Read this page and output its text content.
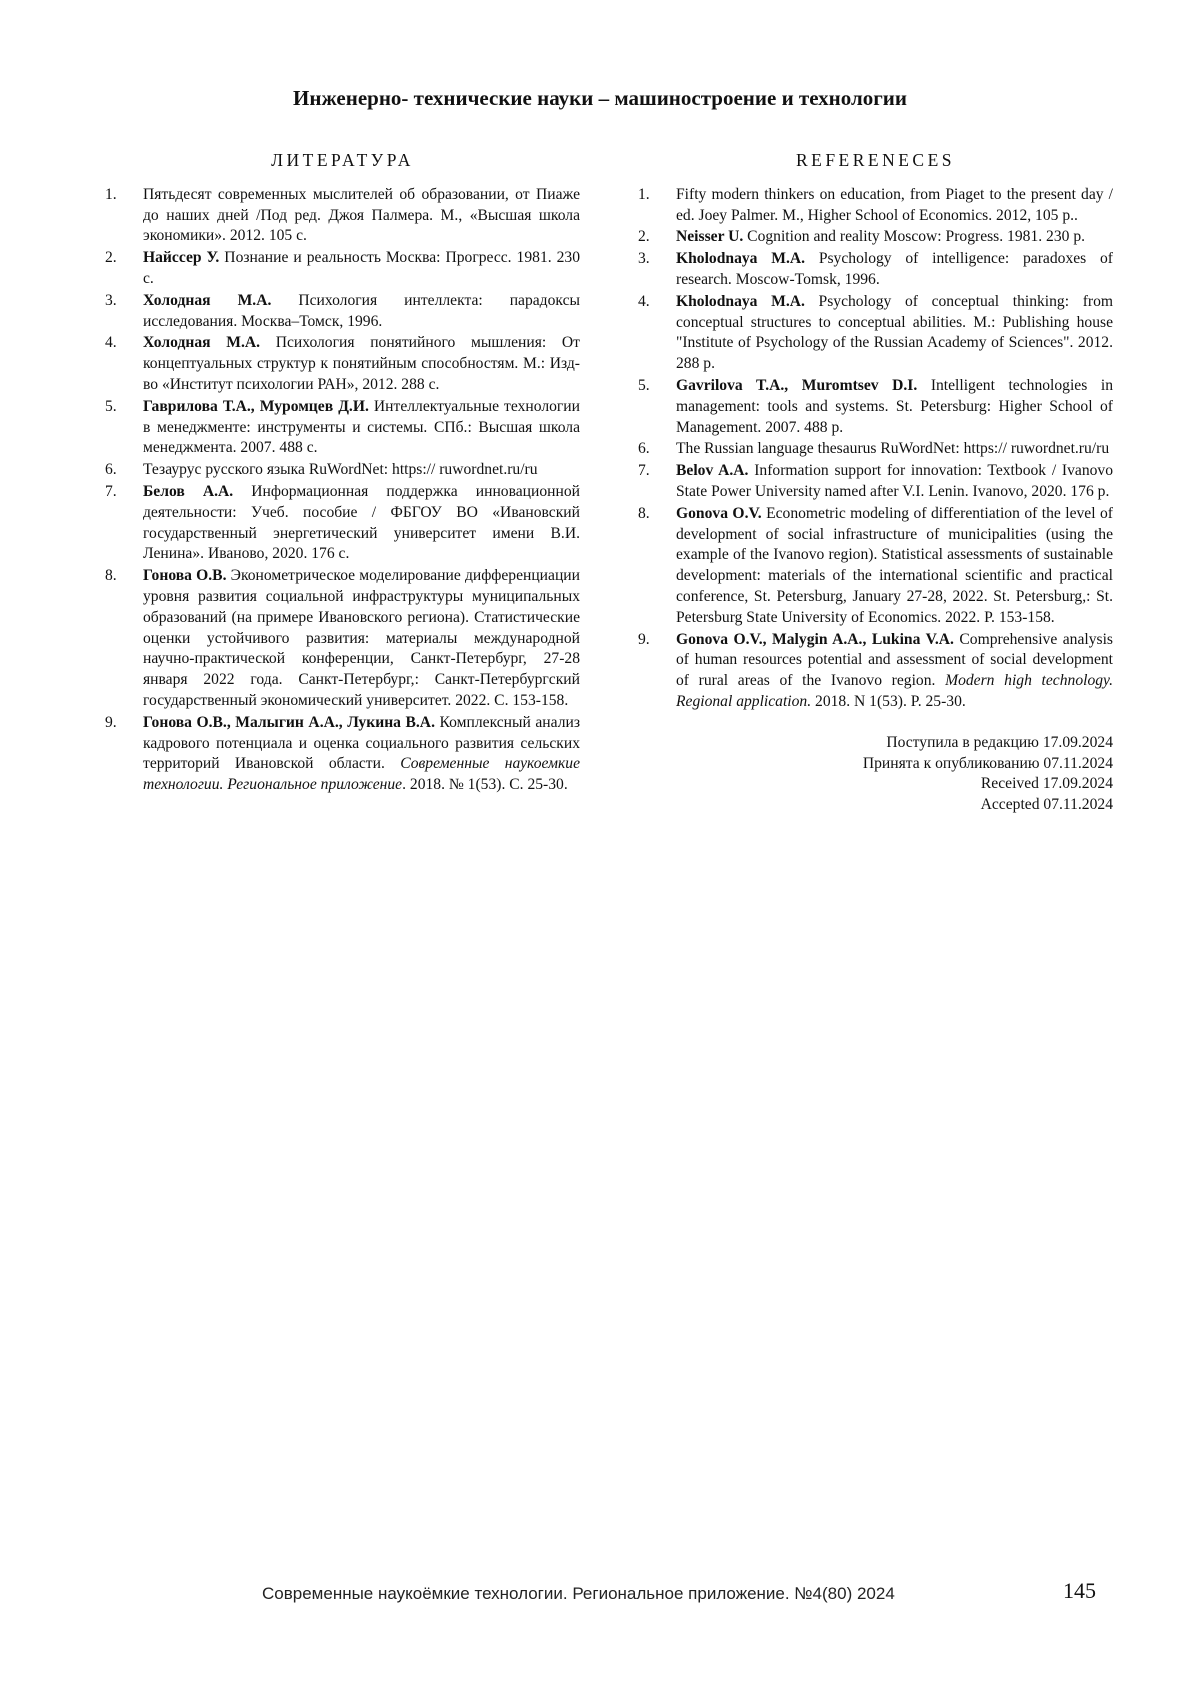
Инженерно- технические науки – машиностроение и технологии
ЛИТЕРАТУРА
1. Пятьдесят современных мыслителей об образовании, от Пиаже до наших дней /Под ред. Джоя Палмера. М., «Высшая школа экономики». 2012. 105 с.
2. Найссер У. Познание и реальность Москва: Прогресс. 1981. 230 с.
3. Холодная М.А. Психология интеллекта: парадоксы исследования. Москва–Томск, 1996.
4. Холодная М.А. Психология понятийного мышления: От концептуальных структур к понятийным способностям. М.: Изд-во «Институт психологии РАН», 2012. 288 с.
5. Гаврилова Т.А., Муромцев Д.И. Интеллектуальные технологии в менеджменте: инструменты и системы. СПб.: Высшая школа менеджмента. 2007. 488 с.
6. Тезаурус русского языка RuWordNet: https:// ruwordnet.ru/ru
7. Белов А.А. Информационная поддержка инновационной деятельности: Учеб. пособие / ФБГОУ ВО «Ивановский государственный энергетический университет имени В.И. Ленина». Иваново, 2020. 176 с.
8. Гонова О.В. Эконометрическое моделирование дифференциации уровня развития социальной инфраструктуры муниципальных образований (на примере Ивановского региона). Статистические оценки устойчивого развития: материалы международной научно-практической конференции, Санкт-Петербург, 27-28 января 2022 года. Санкт-Петербург,: Санкт-Петербургский государственный экономический университет. 2022. С. 153-158.
9. Гонова О.В., Малыгин А.А., Лукина В.А. Комплексный анализ кадрового потенциала и оценка социального развития сельских территорий Ивановской области. Современные наукоемкие технологии. Региональное приложение. 2018. № 1(53). С. 25-30.
REFERENECES
1. Fifty modern thinkers on education, from Piaget to the present day / ed. Joey Palmer. M., Higher School of Economics. 2012, 105 p..
2. Neisser U. Cognition and reality Moscow: Progress. 1981. 230 p.
3. Kholodnaya M.A. Psychology of intelligence: paradoxes of research. Moscow-Tomsk, 1996.
4. Kholodnaya M.A. Psychology of conceptual thinking: from conceptual structures to conceptual abilities. M.: Publishing house "Institute of Psychology of the Russian Academy of Sciences". 2012. 288 p.
5. Gavrilova T.A., Muromtsev D.I. Intelligent technologies in management: tools and systems. St. Petersburg: Higher School of Management. 2007. 488 p.
6. The Russian language thesaurus RuWordNet: https:// ruwordnet.ru/ru
7. Belov A.A. Information support for innovation: Textbook / Ivanovo State Power University named after V.I. Lenin. Ivanovo, 2020. 176 p.
8. Gonova O.V. Econometric modeling of differentiation of the level of development of social infrastructure of municipalities (using the example of the Ivanovo region). Statistical assessments of sustainable development: materials of the international scientific and practical conference, St. Petersburg, January 27-28, 2022. St. Petersburg,: St. Petersburg State University of Economics. 2022. P. 153-158.
9. Gonova O.V., Malygin A.A., Lukina V.A. Comprehensive analysis of human resources potential and assessment of social development of rural areas of the Ivanovo region. Modern high technology. Regional application. 2018. N 1(53). P. 25-30.
Поступила в редакцию 17.09.2024
Принята к опубликованию 07.11.2024
Received 17.09.2024
Accepted 07.11.2024
Современные наукоёмкие технологии. Региональное приложение. №4(80) 2024	145
